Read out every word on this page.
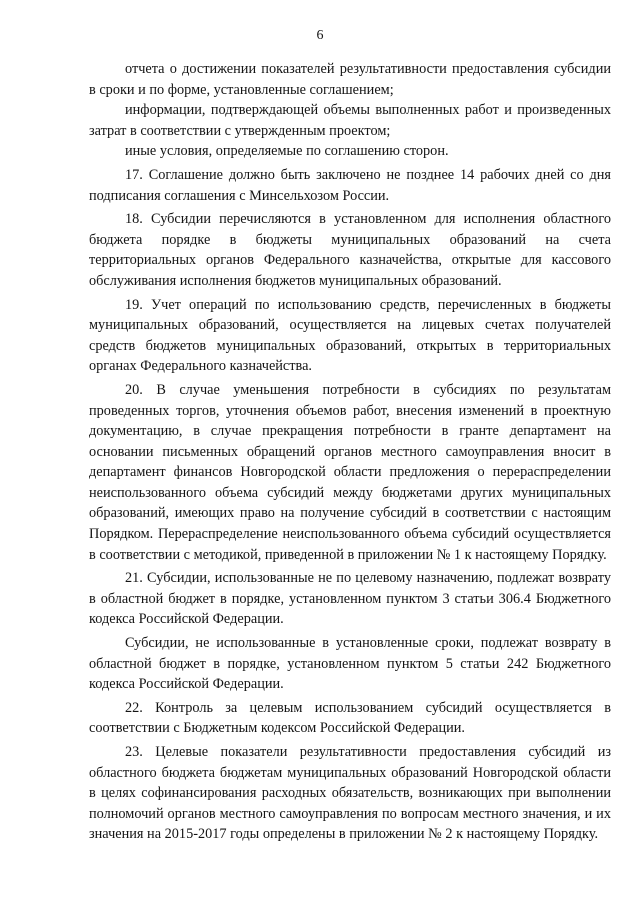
6

отчета о достижении показателей результативности предоставления субсидии в сроки и по форме, установленные соглашением;

информации, подтверждающей объемы выполненных работ и произведенных затрат в соответствии с утвержденным проектом;

иные условия, определяемые по соглашению сторон.

17. Соглашение должно быть заключено не позднее 14 рабочих дней со дня подписания соглашения с Минсельхозом России.

18. Субсидии перечисляются в установленном для исполнения областного бюджета порядке в бюджеты муниципальных образований на счета территориальных органов Федерального казначейства, открытые для кассового обслуживания исполнения бюджетов муниципальных образований.

19. Учет операций по использованию средств, перечисленных в бюджеты муниципальных образований, осуществляется на лицевых счетах получателей средств бюджетов муниципальных образований, открытых в территориальных органах Федерального казначейства.

20. В случае уменьшения потребности в субсидиях по результатам проведенных торгов, уточнения объемов работ, внесения изменений в проектную документацию, в случае прекращения потребности в гранте департамент на основании письменных обращений органов местного самоуправления вносит в департамент финансов Новгородской области предложения о перераспределении неиспользованного объема субсидий между бюджетами других муниципальных образований, имеющих право на получение субсидий в соответствии с настоящим Порядком. Перераспределение неиспользованного объема субсидий осуществляется в соответствии с методикой, приведенной в приложении № 1 к настоящему Порядку.

21. Субсидии, использованные не по целевому назначению, подлежат возврату в областной бюджет в порядке, установленном пунктом 3 статьи 306.4 Бюджетного кодекса Российской Федерации.

Субсидии, не использованные в установленные сроки, подлежат возврату в областной бюджет в порядке, установленном пунктом 5 статьи 242 Бюджетного кодекса Российской Федерации.

22. Контроль за целевым использованием субсидий осуществляется в соответствии с Бюджетным кодексом Российской Федерации.

23. Целевые показатели результативности предоставления субсидий из областного бюджета бюджетам муниципальных образований Новгородской области в целях софинансирования расходных обязательств, возникающих при выполнении полномочий органов местного самоуправления по вопросам местного значения, и их значения на 2015-2017 годы определены в приложении № 2 к настоящему Порядку.
